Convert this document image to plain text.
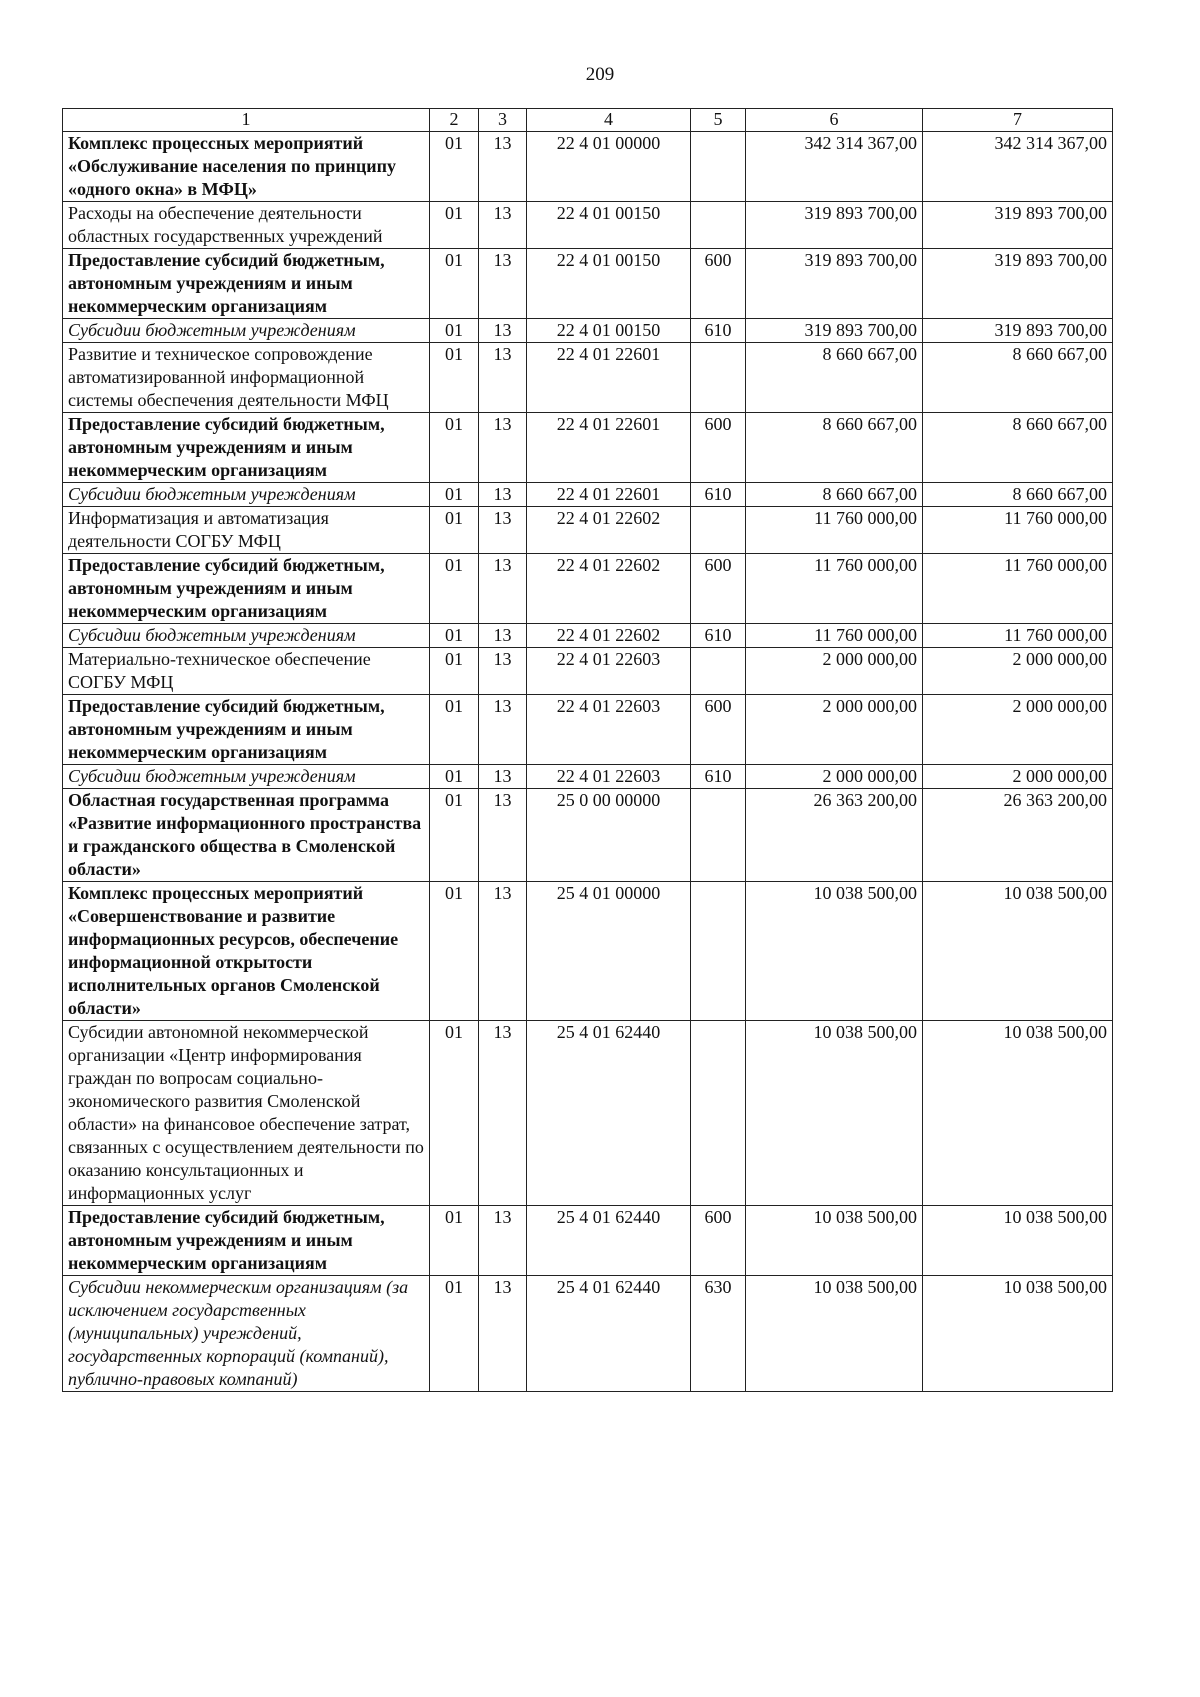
209
1	2	3	4	5	6	7
Комплекс процессных мероприятий «Обслуживание населения по принципу «одного окна» в МФЦ»	01	13	22 4 01 00000		342 314 367,00	342 314 367,00
Расходы на обеспечение деятельности областных государственных учреждений	01	13	22 4 01 00150		319 893 700,00	319 893 700,00
Предоставление субсидий бюджетным, автономным учреждениям и иным некоммерческим организациям	01	13	22 4 01 00150	600	319 893 700,00	319 893 700,00
Субсидии бюджетным учреждениям	01	13	22 4 01 00150	610	319 893 700,00	319 893 700,00
Развитие и техническое сопровождение автоматизированной информационной системы обеспечения деятельности МФЦ	01	13	22 4 01 22601		8 660 667,00	8 660 667,00
Предоставление субсидий бюджетным, автономным учреждениям и иным некоммерческим организациям	01	13	22 4 01 22601	600	8 660 667,00	8 660 667,00
Субсидии бюджетным учреждениям	01	13	22 4 01 22601	610	8 660 667,00	8 660 667,00
Информатизация и автоматизация деятельности СОГБУ МФЦ	01	13	22 4 01 22602		11 760 000,00	11 760 000,00
Предоставление субсидий бюджетным, автономным учреждениям и иным некоммерческим организациям	01	13	22 4 01 22602	600	11 760 000,00	11 760 000,00
Субсидии бюджетным учреждениям	01	13	22 4 01 22602	610	11 760 000,00	11 760 000,00
Материально-техническое обеспечение СОГБУ МФЦ	01	13	22 4 01 22603		2 000 000,00	2 000 000,00
Предоставление субсидий бюджетным, автономным учреждениям и иным некоммерческим организациям	01	13	22 4 01 22603	600	2 000 000,00	2 000 000,00
Субсидии бюджетным учреждениям	01	13	22 4 01 22603	610	2 000 000,00	2 000 000,00
Областная государственная программа «Развитие информационного пространства и гражданского общества в Смоленской области»	01	13	25 0 00 00000		26 363 200,00	26 363 200,00
Комплекс процессных мероприятий «Совершенствование и развитие информационных ресурсов, обеспечение информационной открытости исполнительных органов Смоленской области»	01	13	25 4 01 00000		10 038 500,00	10 038 500,00
Субсидии автономной некоммерческой организации «Центр информирования граждан по вопросам социально-экономического развития Смоленской области» на финансовое обеспечение затрат, связанных с осуществлением деятельности по оказанию консультационных и информационных услуг	01	13	25 4 01 62440		10 038 500,00	10 038 500,00
Предоставление субсидий бюджетным, автономным учреждениям и иным некоммерческим организациям	01	13	25 4 01 62440	600	10 038 500,00	10 038 500,00
Субсидии некоммерческим организациям (за исключением государственных (муниципальных) учреждений, государственных корпораций (компаний), публично-правовых компаний)	01	13	25 4 01 62440	630	10 038 500,00	10 038 500,00
